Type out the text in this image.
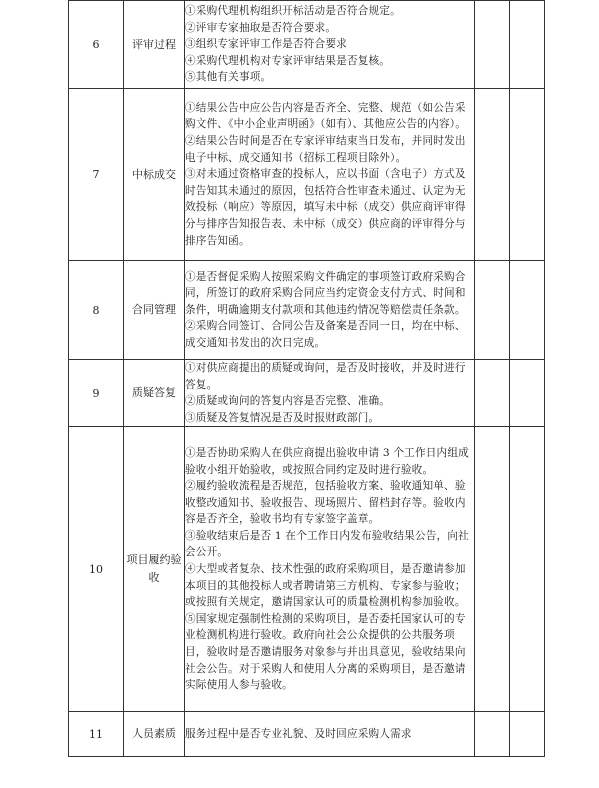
6	评审过程	①采购代理机构组织开标活动是否符合规定。

②评审专家抽取是否符合要求。

③组织专家评审工作是否符合要求

④采购代理机构对专家评审结果是否复核。

⑤其他有关事项。		

7	中标成交	①结果公告中应公告内容是否齐全、完整、规范（如公告采购文件、《中小企业声明函》（如有）、其他应公告的内容）。

②结果公告时间是否在专家评审结束当日发布，并同时发出电子中标、成交通知书（招标工程项目除外）。

③对未通过资格审查的投标人，应以书面（含电子）方式及时告知其未通过的原因，包括符合性审查未通过、认定为无效投标（响应）等原因，填写未中标（成交）供应商评审得分与排序告知报告表、未中标（成交）供应商的评审得分与排序告知函。		

8	合同管理	①是否督促采购人按照采购文件确定的事项签订政府采购合同，所签订的政府采购合同应当约定资金支付方式、时间和条件，明确逾期支付款项和其他违约情况等赔偿责任条款。

②采购合同签订、合同公告及备案是否同一日，均在中标、成交通知书发出的次日完成。		

9	质疑答复	①对供应商提出的质疑或询问，是否及时接收，并及时进行答复。

②质疑或询问的答复内容是否完整、准确。

③质疑及答复情况是否及时报财政部门。		

10	项目履约验收	①是否协助采购人在供应商提出验收申请 3 个工作日内组成验收小组开始验收，或按照合同约定及时进行验收。

②履约验收流程是否规范，包括验收方案、验收通知单、验收整改通知书、验收报告、现场照片、留档封存等。验收内容是否齐全，验收书均有专家签字盖章。

③验收结束后是否 1 在个工作日内发布验收结果公告，向社会公开。

④大型或者复杂、技术性强的政府采购项目，是否邀请参加本项目的其他投标人或者聘请第三方机构、专家参与验收；或按照有关规定，邀请国家认可的质量检测机构参加验收。

⑤国家规定强制性检测的采购项目，是否委托国家认可的专业检测机构进行验收。政府向社会公众提供的公共服务项目，验收时是否邀请服务对象参与并出具意见，验收结果向社会公告。对于采购人和使用人分离的采购项目，是否邀请实际使用人参与验收。		

11	人员素质	服务过程中是否专业礼貌、及时回应采购人需求		
